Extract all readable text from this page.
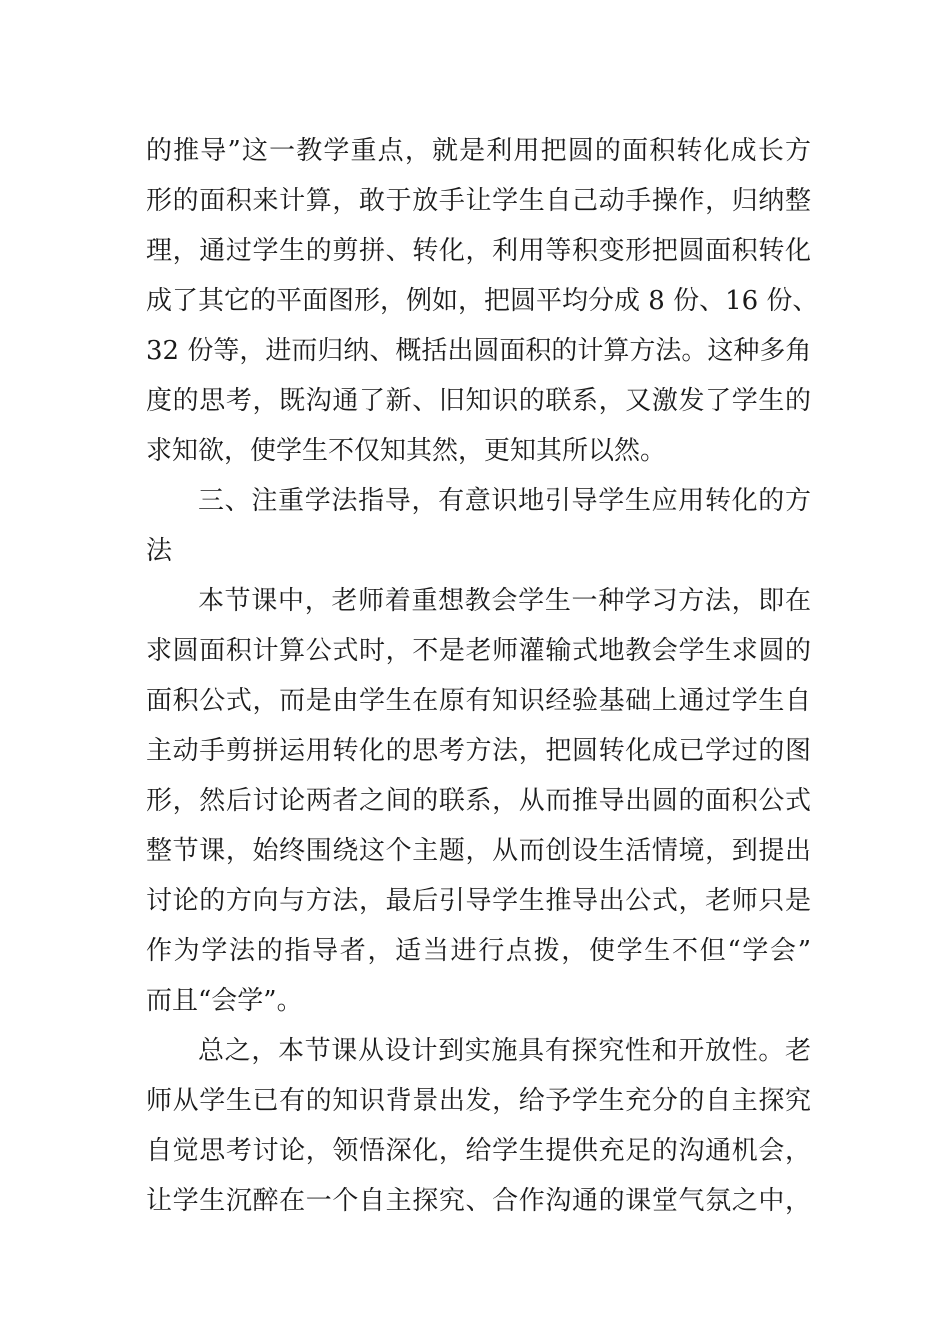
的推导”这一教学重点，就是利用把圆的面积转化成长方
形的面积来计算，敢于放手让学生自己动手操作，归纳整
理，通过学生的剪拼、转化，利用等积变形把圆面积转化
成了其它的平面图形，例如，把圆平均分成 8 份、16 份、
32 份等，进而归纳、概括出圆面积的计算方法。这种多角
度的思考，既沟通了新、旧知识的联系，又激发了学生的
求知欲，使学生不仅知其然，更知其所以然。
三、注重学法指导，有意识地引导学生应用转化的方
法
本节课中，老师着重想教会学生一种学习方法，即在
求圆面积计算公式时，不是老师灌输式地教会学生求圆的
面积公式，而是由学生在原有知识经验基础上通过学生自
主动手剪拼运用转化的思考方法，把圆转化成已学过的图
形，然后讨论两者之间的联系，从而推导出圆的面积公式
整节课，始终围绕这个主题，从而创设生活情境，到提出
讨论的方向与方法，最后引导学生推导出公式，老师只是
作为学法的指导者，适当进行点拨，使学生不但“学会”
而且“会学”。
总之，本节课从设计到实施具有探究性和开放性。老
师从学生已有的知识背景出发，给予学生充分的自主探究
自觉思考讨论，领悟深化，给学生提供充足的沟通机会，
让学生沉醉在一个自主探究、合作沟通的课堂气氛之中，
